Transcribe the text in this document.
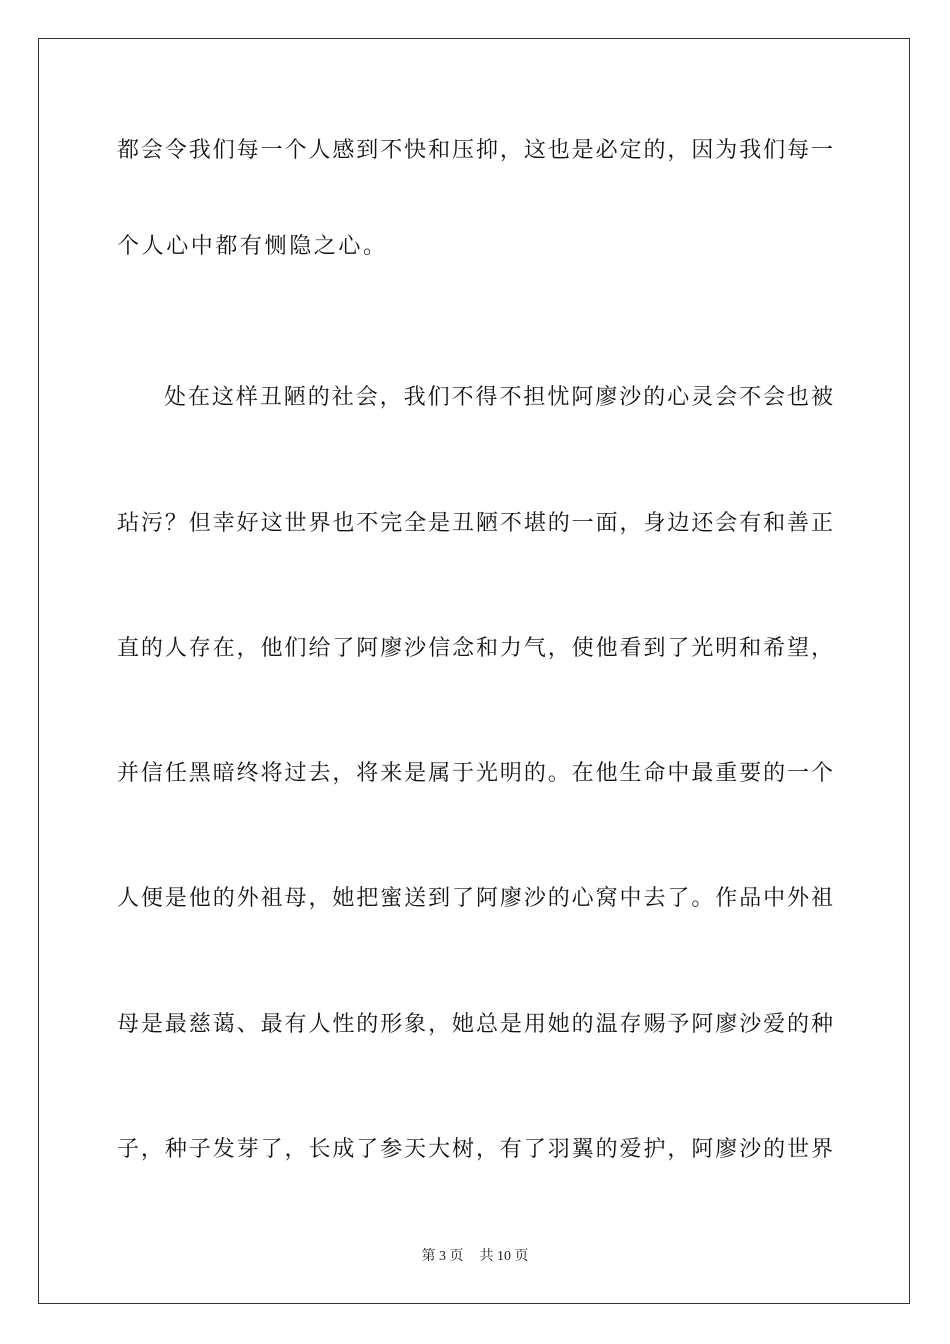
都会令我们每一个人感到不快和压抑，这也是必定的，因为我们每一
个人心中都有恻隐之心。
处在这样丑陋的社会，我们不得不担忧阿廖沙的心灵会不会也被
玷污？但幸好这世界也不完全是丑陋不堪的一面，身边还会有和善正
直的人存在，他们给了阿廖沙信念和力气，使他看到了光明和希望，
并信任黑暗终将过去，将来是属于光明的。在他生命中最重要的一个
人便是他的外祖母，她把蜜送到了阿廖沙的心窝中去了。作品中外祖
母是最慈蔼、最有人性的形象，她总是用她的温存赐予阿廖沙爱的种
子，种子发芽了，长成了参天大树，有了羽翼的爱护，阿廖沙的世界
第 3 页 共 10 页
